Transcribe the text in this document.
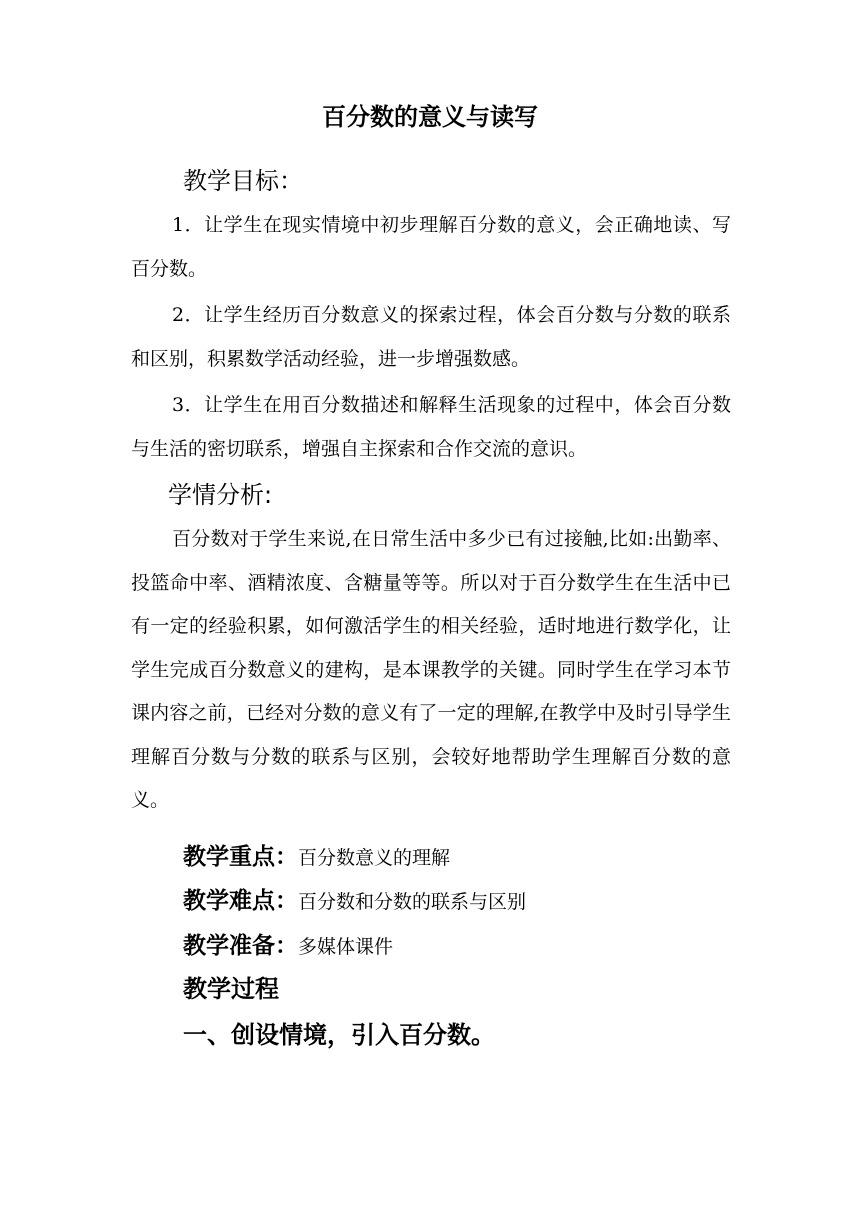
百分数的意义与读写
教学目标：
1．让学生在现实情境中初步理解百分数的意义，会正确地读、写百分数。
2．让学生经历百分数意义的探索过程，体会百分数与分数的联系和区别，积累数学活动经验，进一步增强数感。
3．让学生在用百分数描述和解释生活现象的过程中，体会百分数与生活的密切联系，增强自主探索和合作交流的意识。
学情分析:
百分数对于学生来说,在日常生活中多少已有过接触,比如:出勤率、投篮命中率、酒精浓度、含糖量等等。所以对于百分数学生在生活中已有一定的经验积累，如何激活学生的相关经验，适时地进行数学化，让学生完成百分数意义的建构，是本课教学的关键。同时学生在学习本节课内容之前，已经对分数的意义有了一定的理解,在教学中及时引导学生理解百分数与分数的联系与区别，会较好地帮助学生理解百分数的意义。
教学重点：百分数意义的理解
教学难点：百分数和分数的联系与区别
教学准备：多媒体课件
教学过程
一、创设情境，引入百分数。
